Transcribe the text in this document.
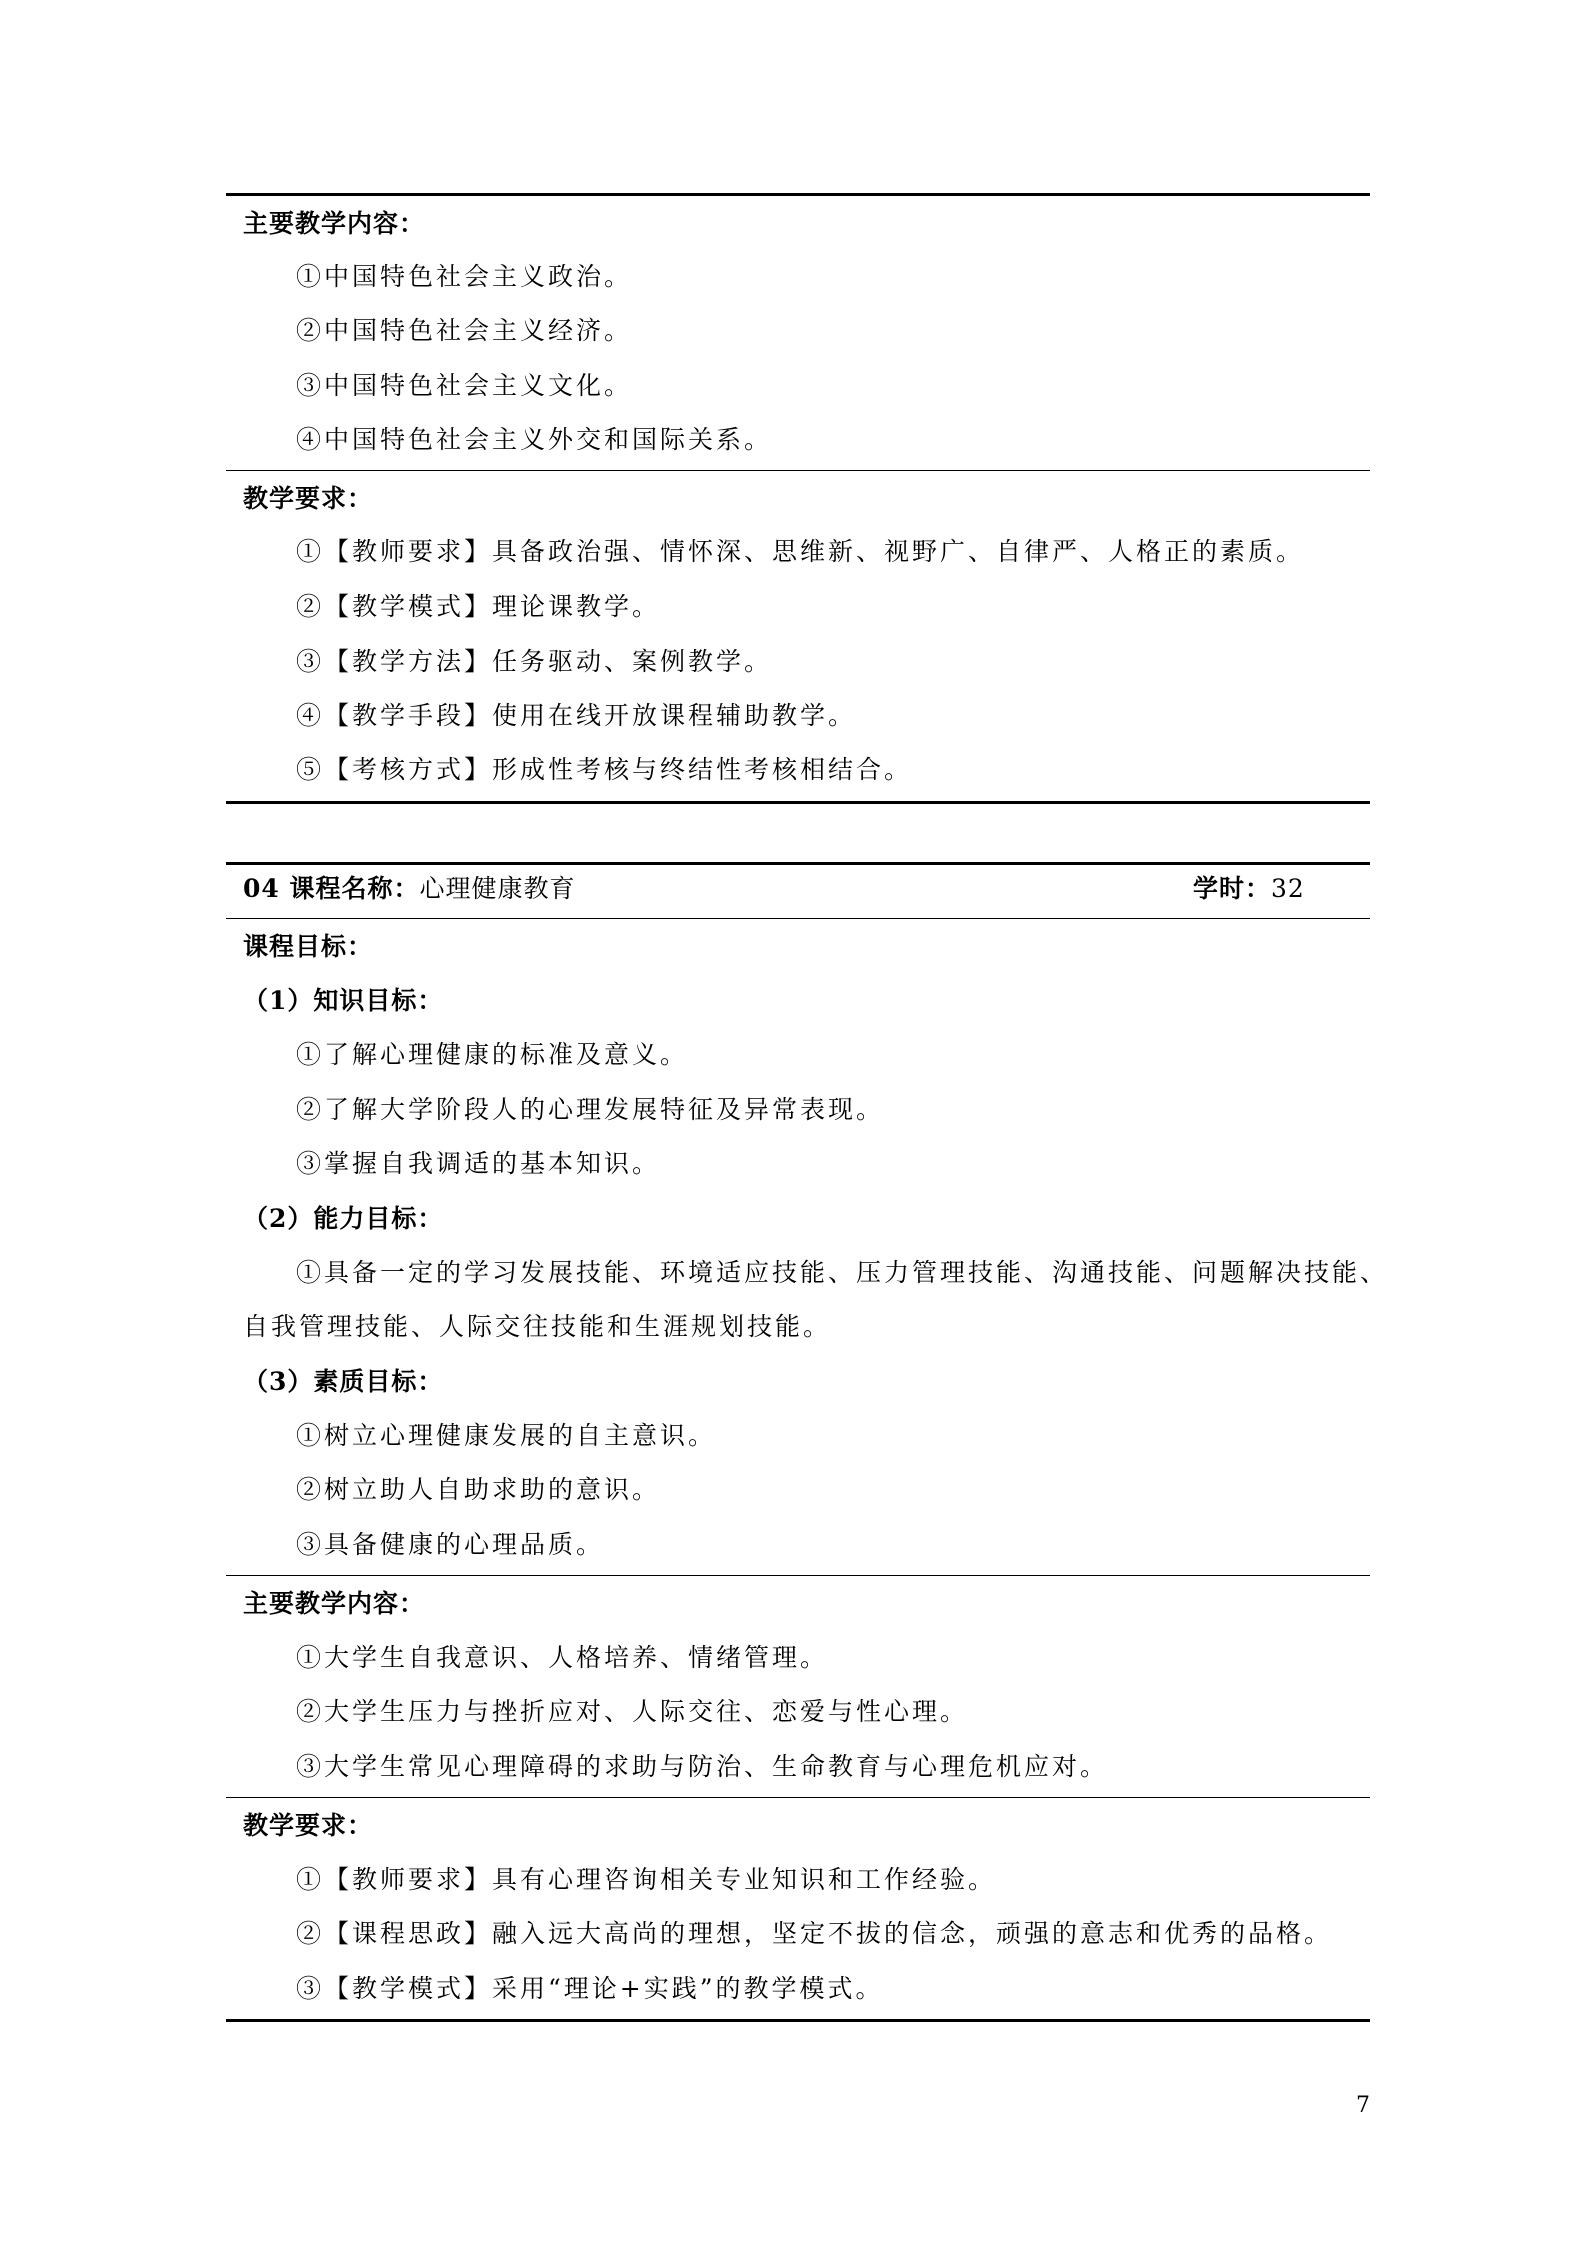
主要教学内容：
①中国特色社会主义政治。
②中国特色社会主义经济。
③中国特色社会主义文化。
④中国特色社会主义外交和国际关系。
教学要求：
①【教师要求】具备政治强、情怀深、思维新、视野广、自律严、人格正的素质。
②【教学模式】理论课教学。
③【教学方法】任务驱动、案例教学。
④【教学手段】使用在线开放课程辅助教学。
⑤【考核方式】形成性考核与终结性考核相结合。
04 课程名称：心理健康教育	学时：32
课程目标：
（1）知识目标：
①了解心理健康的标准及意义。
②了解大学阶段人的心理发展特征及异常表现。
③掌握自我调适的基本知识。
（2）能力目标：
①具备一定的学习发展技能、环境适应技能、压力管理技能、沟通技能、问题解决技能、
自我管理技能、人际交往技能和生涯规划技能。
（3）素质目标：
①树立心理健康发展的自主意识。
②树立助人自助求助的意识。
③具备健康的心理品质。
主要教学内容：
①大学生自我意识、人格培养、情绪管理。
②大学生压力与挫折应对、人际交往、恋爱与性心理。
③大学生常见心理障碍的求助与防治、生命教育与心理危机应对。
教学要求：
①【教师要求】具有心理咨询相关专业知识和工作经验。
②【课程思政】融入远大高尚的理想，坚定不拔的信念，顽强的意志和优秀的品格。
③【教学模式】采用“理论+实践”的教学模式。
7
